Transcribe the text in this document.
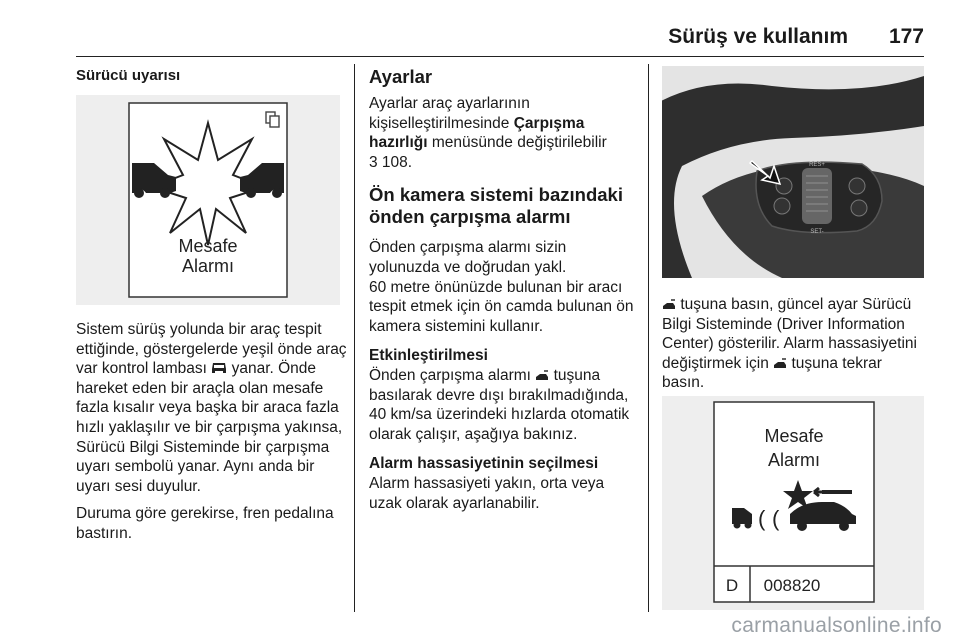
Sürüş ve kullanım 177
Sürücü uyarısı
Mesafe
Alarmı

Sistem sürüş yolunda bir araç tespit ettiğinde, göstergelerde yeşil önde araç var kontrol lambası yanar. Önde hareket eden bir araçla olan mesafe fazla kısalır veya başka bir araca fazla hızlı yaklaşılır ve bir çarpışma yakınsa, Sürücü Bilgi Sisteminde bir çarpışma uyarı sembolü yanar. Aynı anda bir uyarı sesi duyulur.

Duruma göre gerekirse, fren pedalına bastırın.

Ayarlar

Ayarlar araç ayarlarının kişiselleştirilmesinde Çarpışma hazırlığı menüsünde değiştirilebilir
3 108.

Ön kamera sistemi bazındaki önden çarpışma alarmı

Önden çarpışma alarmı sizin yolunuzda ve doğrudan yakl.

60 metre önünüzde bulunan bir aracı tespit etmek için ön camda bulunan ön kamera sistemini kullanır.

Etkinleştirilmesi

Önden çarpışma alarmı tuşuna basılarak devre dışı bırakılmadığında, 40 km/sa üzerindeki hızlarda otomatik olarak çalışır, aşağıya bakınız.

Alarm hassasiyetinin seçilmesi

Alarm hassasiyeti yakın, orta veya uzak olarak ayarlanabilir.

RES+
SET-

tuşuna basın, güncel ayar Sürücü Bilgi Sisteminde (Driver Information Center) gösterilir. Alarm hassasiyetini değiştirmek için tuşuna tekrar basın.

Mesafe
Alarmı
( (
D 008820
carmanualsonline.info
